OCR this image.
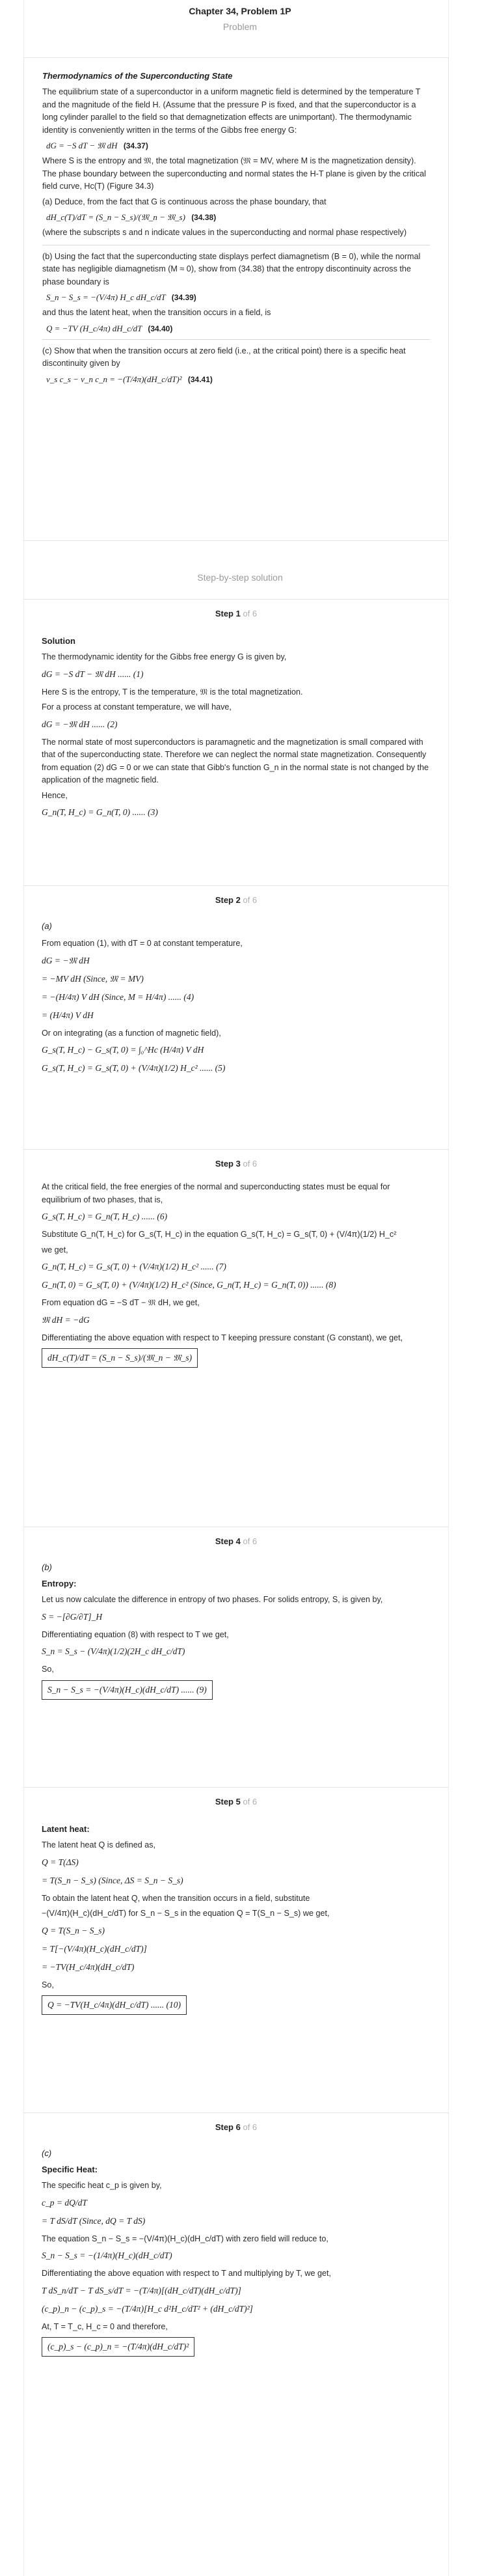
Chapter 34, Problem 1P
Problem
Thermodynamics of the Superconducting State

The equilibrium state of a superconductor in a uniform magnetic field is determined by the temperature T and the magnitude of the field H. (Assume that the pressure P is fixed, and that the superconductor is a long cylinder parallel to the field so that demagnetization effects are unimportant). The thermodynamic identity is conveniently written in the terms of the Gibbs free energy G:

dG = −S dT − 𝔐 dH (34.37)

Where S is the entropy and 𝔐, the total magnetization (𝔐 = MV, where M is the magnetization density). The phase boundary between the superconducting and normal states the H-T plane is given by the critical field curve, Hc(T) (Figure 34.3)

(a) Deduce, from the fact that G is continuous across the phase boundary, that

dH_c(T)/dT = (S_n − S_s)/(𝔐_n − 𝔐_s) (34.38)

(where the subscripts s and n indicate values in the superconducting and normal phase respectively)

(b) Using the fact that the superconducting state displays perfect diamagnetism (B = 0), while the normal state has negligible diamagnetism (M ≈ 0), show from (34.38) that the entropy discontinuity across the phase boundary is

S_n − S_s = −(V/4π) H_c dH_c/dT (34.39)

and thus the latent heat, when the transition occurs in a field, is

Q = −TV (H_c/4π) dH_c/dT (34.40)

(c) Show that when the transition occurs at zero field (i.e., at the critical point) there is a specific heat discontinuity given by

v_s c_s − v_n c_n = −(T/4π)(dH_c/dT)² (34.41)
Step-by-step solution
Step 1 of 6
Solution

The thermodynamic identity for the Gibbs free energy G is given by,

dG = −S dT − 𝔐 dH ...... (1)

Here S is the entropy, T is the temperature, 𝔐 is the total magnetization.

For a process at constant temperature, we will have,

dG = −𝔐 dH ...... (2)

The normal state of most superconductors is paramagnetic and the magnetization is small compared with that of the superconducting state. Therefore we can neglect the normal state magnetization. Consequently from equation (2) dG = 0 or we can state that Gibb's function G_n in the normal state is not changed by the application of the magnetic field.

Hence,

G_n(T, H_c) = G_n(T, 0) ...... (3)
Step 2 of 6
(a)

From equation (1), with dT = 0 at constant temperature,

dG = −𝔐 dH
= −MV dH (Since, 𝔐 = MV)
= −(H/4π) V dH (Since, M = H/4π) ...... (4)
= (H/4π) V dH

Or on integrating (as a function of magnetic field),

G_s(T, H_c) − G_s(T, 0) = ∫₀^Hc (H/4π) V dH
G_s(T, H_c) = G_s(T, 0) + (V/4π)(1/2) H_c² ...... (5)
Step 3 of 6

At the critical field, the free energies of the normal and superconducting states must be equal for equilibrium of two phases, that is,

G_s(T, H_c) = G_n(T, H_c) ...... (6)

Substitute G_n(T, H_c) for G_s(T, H_c) in the equation G_s(T, H_c) = G_s(T, 0) + (V/4π)(1/2) H_c²

we get,

G_n(T, H_c) = G_s(T, 0) + (V/4π)(1/2) H_c² ...... (7)
G_n(T, 0) = G_s(T, 0) + (V/4π)(1/2) H_c² (Since, G_n(T, H_c) = G_n(T, 0)) ...... (8)

From equation dG = −S dT − 𝔐 dH, we get,

𝔐 dH = −dG

Differentiating the above equation with respect to T keeping pressure constant (G constant), we get,

dH_c(T)/dT = (S_n − S_s)/(𝔐_n − 𝔐_s)
Step 4 of 6
(b)
Entropy:

Let us now calculate the difference in entropy of two phases. For solids entropy, S, is given by,

S = −[∂G/∂T]_H

Differentiating equation (8) with respect to T we get,

S_n = S_s − (V/4π)(1/2)(2H_c dH_c/dT)

So,

S_n − S_s = −(V/4π)(H_c)(dH_c/dT) ...... (9)
Step 5 of 6
Latent heat:

The latent heat Q is defined as,

Q = T(ΔS)
= T(S_n − S_s) (Since, ΔS = S_n − S_s)

To obtain the latent heat Q, when the transition occurs in a field, substitute

−(V/4π)(H_c)(dH_c/dT) for S_n − S_s in the equation Q = T(S_n − S_s) we get,

Q = T(S_n − S_s)
= T[−(V/4π)(H_c)(dH_c/dT)]
= −TV(H_c/4π)(dH_c/dT)

So,

Q = −TV(H_c/4π)(dH_c/dT) ...... (10)
Step 6 of 6
(c)
Specific Heat:

The specific heat c_p is given by,

c_p = dQ/dT
= T dS/dT (Since, dQ = T dS)

The equation S_n − S_s = −(V/4π)(H_c)(dH_c/dT) with zero field will reduce to,

S_n − S_s = −(1/4π)(H_c)(dH_c/dT)

Differentiating the above equation with respect to T and multiplying by T, we get,

T dS_n/dT − T dS_s/dT = −(T/4π)[(dH_c/dT)(dH_c/dT)]
(c_p)_n − (c_p)_s = −(T/4π)[H_c d²H_c/dT² + (dH_c/dT)²]

At, T = T_c, H_c = 0 and therefore,

(c_p)_s − (c_p)_n = −(T/4π)(dH_c/dT)²
